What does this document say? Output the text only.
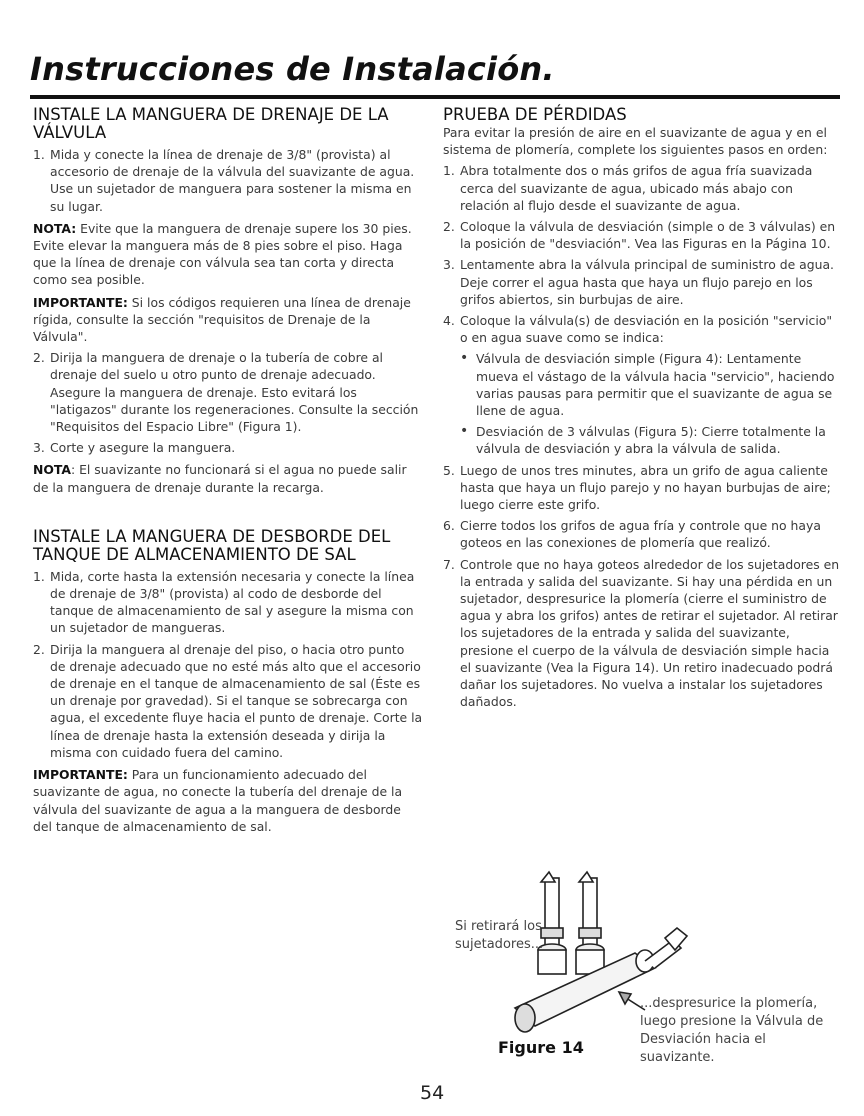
Instrucciones de Instalación.
INSTALE LA MANGUERA DE DRENAJE DE LA VÁLVULA
1. Mida y conecte la línea de drenaje de 3/8" (provista) al accesorio de drenaje de la válvula del suavizante de agua. Use un sujetador de manguera para sostener la misma en su lugar.

NOTA: Evite que la manguera de drenaje supere los 30 pies. Evite elevar la manguera más de 8 pies sobre el piso. Haga que la línea de drenaje con válvula sea tan corta y directa como sea posible.

IMPORTANTE: Si los códigos requieren una línea de drenaje rígida, consulte la sección "requisitos de Drenaje de la Válvula".

2. Dirija la manguera de drenaje o la tubería de cobre al drenaje del suelo u otro punto de drenaje adecuado. Asegure la manguera de drenaje. Esto evitará los "latigazos" durante los regeneraciones. Consulte la sección "Requisitos del Espacio Libre" (Figura 1).
3. Corte y asegure la manguera.

NOTA: El suavizante no funcionará si el agua no puede salir de la manguera de drenaje durante la recarga.

INSTALE LA MANGUERA DE DESBORDE DEL TANQUE DE ALMACENAMIENTO DE SAL
1. Mida, corte hasta la extensión necesaria y conecte la línea de drenaje de 3/8" (provista) al codo de desborde del tanque de almacenamiento de sal y asegure la misma con un sujetador de mangueras.
2. Dirija la manguera al drenaje del piso, o hacia otro punto de drenaje adecuado que no esté más alto que el accesorio de drenaje en el tanque de almacenamiento de sal (Éste es un drenaje por gravedad). Si el tanque se sobrecarga con agua, el excedente fluye hacia el punto de drenaje. Corte la línea de drenaje hasta la extensión deseada y dirija la misma con cuidado fuera del camino.

IMPORTANTE: Para un funcionamiento adecuado del suavizante de agua, no conecte la tubería del drenaje de la válvula del suavizante de agua a la manguera de desborde del tanque de almacenamiento de sal.

PRUEBA DE PÉRDIDAS

Para evitar la presión de aire en el suavizante de agua y en el sistema de plomería, complete los siguientes pasos en orden:

1. Abra totalmente dos o más grifos de agua fría suavizada cerca del suavizante de agua, ubicado más abajo con relación al flujo desde el suavizante de agua.
2. Coloque la válvula de desviación (simple o de 3 válvulas) en la posición de "desviación". Vea las Figuras en la Página 10.
3. Lentamente abra la válvula principal de suministro de agua. Deje correr el agua hasta que haya un flujo parejo en los grifos abiertos, sin burbujas de aire.
4. Coloque la válvula(s) de desviación en la posición "servicio" o en agua suave como se indica:
• Válvula de desviación simple (Figura 4): Lentamente mueva el vástago de la válvula hacia "servicio", haciendo varias pausas para permitir que el suavizante de agua se llene de agua.
• Desviación de 3 válvulas (Figura 5): Cierre totalmente la válvula de desviación y abra la válvula de salida.
5. Luego de unos tres minutes, abra un grifo de agua caliente hasta que haya un flujo parejo y no hayan burbujas de aire; luego cierre este grifo.
6. Cierre todos los grifos de agua fría y controle que no haya goteos en las conexiones de plomería que realizó.
7. Controle que no haya goteos alrededor de los sujetadores en la entrada y salida del suavizante. Si hay una pérdida en un sujetador, despresurice la plomería (cierre el suministro de agua y abra los grifos) antes de retirar el sujetador. Al retirar los sujetadores de la entrada y salida del suavizante, presione el cuerpo de la válvula de desviación simple hacia el suavizante (Vea la Figura 14). Un retiro inadecuado podrá dañar los sujetadores. No vuelva a instalar los sujetadores dañados.
Si retirará los sujetadores...
...despresurice la plomería, luego presione la Válvula de Desviación hacia el suavizante.
Figure 14
54
